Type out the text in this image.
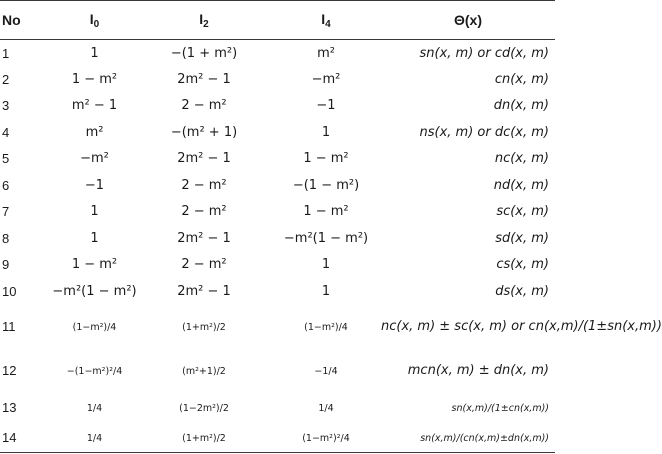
No	$I_0$	$I_2$	$I_4$	Θ(x)
1	1	−(1 + m²)	m²	sn(x, m) or cd(x, m)
2	1 − m²	2m² − 1	−m²	cn(x, m)
3	m² − 1	2 − m²	−1	dn(x, m)
4	m²	−(m² + 1)	1	ns(x, m) or dc(x, m)
5	−m²	2m² − 1	1 − m²	nc(x, m)
6	−1	2 − m²	−(1 − m²)	nd(x, m)
7	1	2 − m²	1 − m²	sc(x, m)
8	1	2m² − 1	−m²(1 − m²)	sd(x, m)
9	1 − m²	2 − m²	1	cs(x, m)
10	−m²(1 − m²)	2m² − 1	1	ds(x, m)
11	(1−m²)/4	(1+m²)/2	(1−m²)/4	nc(x, m) ± sc(x, m) or cn(x,m)/(1±sn(x,m))
12	−(1−m²)²/4	(m²+1)/2	−1/4	mcn(x, m) ± dn(x, m)
13	1/4	(1−2m²)/2	1/4	sn(x,m)/(1±cn(x,m))
14	1/4	(1+m²)/2	(1−m²)²/4	sn(x,m)/(cn(x,m)±dn(x,m))
